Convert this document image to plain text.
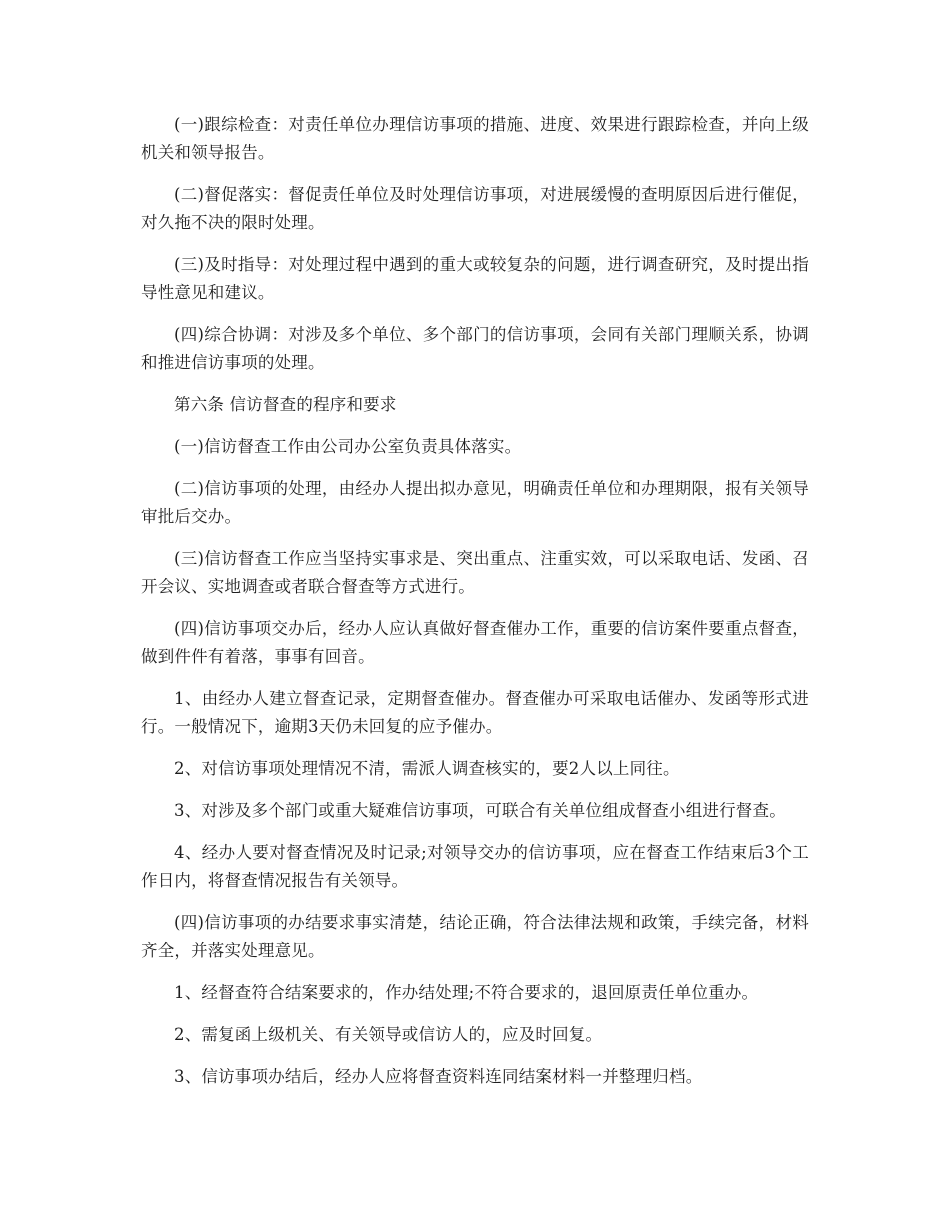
(一)跟综检查：对责任单位办理信访事项的措施、进度、效果进行跟踪检查，并向上级机关和领导报告。

(二)督促落实：督促责任单位及时处理信访事项，对进展缓慢的查明原因后进行催促，对久拖不决的限时处理。

(三)及时指导：对处理过程中遇到的重大或较复杂的问题，进行调查研究，及时提出指导性意见和建议。

(四)综合协调：对涉及多个单位、多个部门的信访事项，会同有关部门理顺关系，协调和推进信访事项的处理。

第六条 信访督查的程序和要求

(一)信访督查工作由公司办公室负责具体落实。

(二)信访事项的处理，由经办人提出拟办意见，明确责任单位和办理期限，报有关领导审批后交办。

(三)信访督查工作应当坚持实事求是、突出重点、注重实效，可以采取电话、发函、召开会议、实地调查或者联合督查等方式进行。

(四)信访事项交办后，经办人应认真做好督查催办工作，重要的信访案件要重点督查，做到件件有着落，事事有回音。

1、由经办人建立督查记录，定期督查催办。督查催办可采取电话催办、发函等形式进行。一般情况下，逾期3天仍未回复的应予催办。

2、对信访事项处理情况不清，需派人调查核实的，要2人以上同往。

3、对涉及多个部门或重大疑难信访事项，可联合有关单位组成督查小组进行督查。

4、经办人要对督查情况及时记录;对领导交办的信访事项，应在督查工作结束后3个工作日内，将督查情况报告有关领导。

(四)信访事项的办结要求事实清楚，结论正确，符合法律法规和政策，手续完备，材料齐全，并落实处理意见。

1、经督查符合结案要求的，作办结处理;不符合要求的，退回原责任单位重办。

2、需复函上级机关、有关领导或信访人的，应及时回复。

3、信访事项办结后，经办人应将督查资料连同结案材料一并整理归档。
